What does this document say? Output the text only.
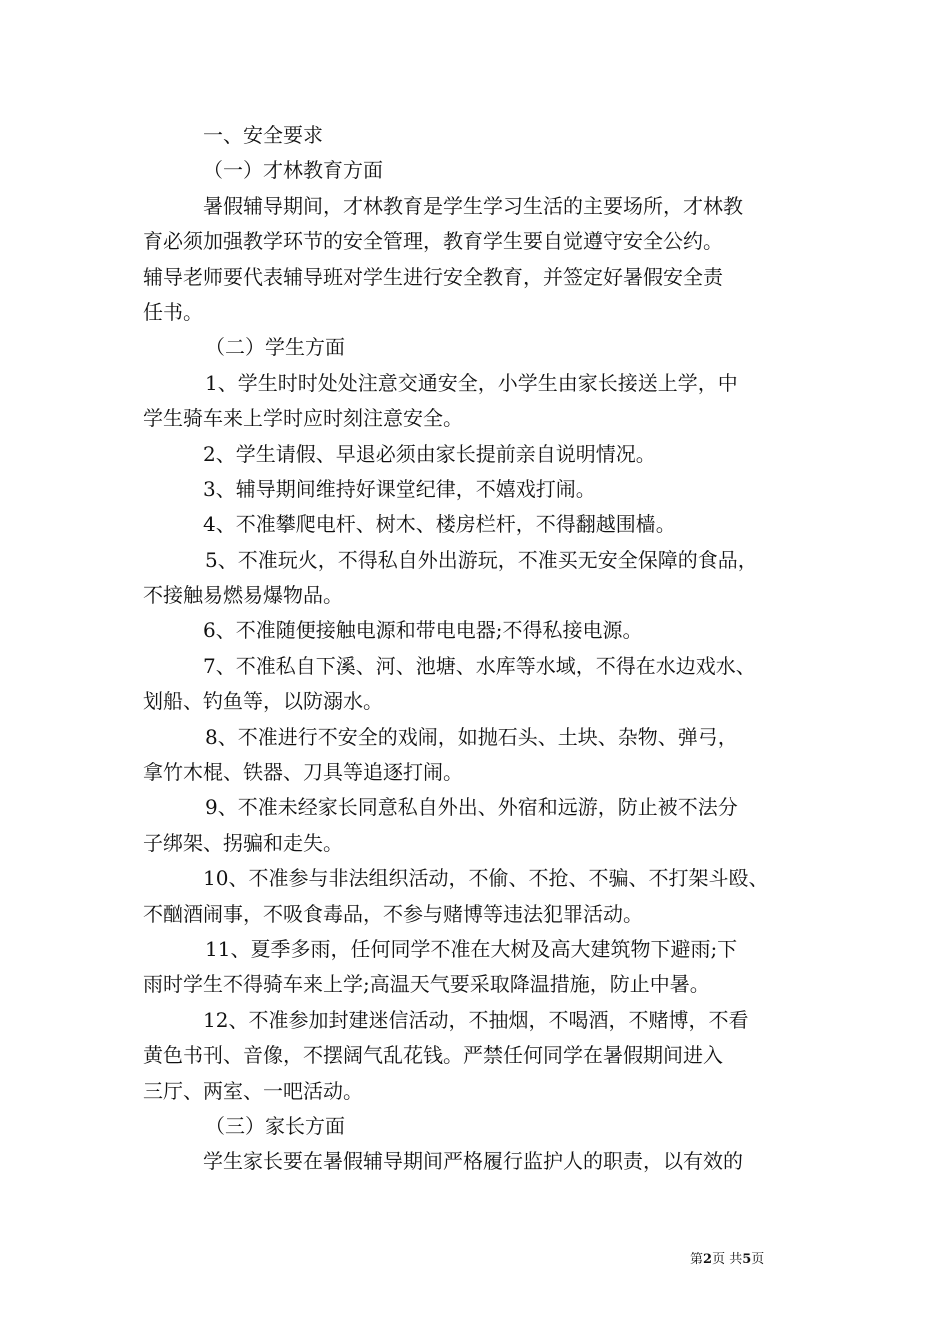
一、安全要求
（一）才林教育方面
暑假辅导期间，才林教育是学生学习生活的主要场所，才林教
育必须加强教学环节的安全管理，教育学生要自觉遵守安全公约。
辅导老师要代表辅导班对学生进行安全教育，并签定好暑假安全责
任书。
（二）学生方面
1、学生时时处处注意交通安全，小学生由家长接送上学，中
学生骑车来上学时应时刻注意安全。
2、学生请假、早退必须由家长提前亲自说明情况。
3、辅导期间维持好课堂纪律，不嬉戏打闹。
4、不准攀爬电杆、树木、楼房栏杆，不得翻越围樯。
5、不准玩火，不得私自外出游玩，不准买无安全保障的食品，
不接触易燃易爆物品。
6、不准随便接触电源和带电电器;不得私接电源。
7、不准私自下溪、河、池塘、水库等水域，不得在水边戏水、
划船、钓鱼等，以防溺水。
8、不准进行不安全的戏闹，如抛石头、土块、杂物、弹弓，
拿竹木棍、铁器、刀具等追逐打闹。
9、不准未经家长同意私自外出、外宿和远游，防止被不法分
子绑架、拐骗和走失。
10、不准参与非法组织活动，不偷、不抢、不骗、不打架斗殴、
不酗酒闹事，不吸食毒品，不参与赌博等违法犯罪活动。
11、夏季多雨，任何同学不准在大树及高大建筑物下避雨;下
雨时学生不得骑车来上学;高温天气要采取降温措施，防止中暑。
12、不准参加封建迷信活动，不抽烟，不喝酒，不赌博，不看
黄色书刊、音像，不摆阔气乱花钱。严禁任何同学在暑假期间进入
三厅、两室、一吧活动。
（三）家长方面
学生家长要在暑假辅导期间严格履行监护人的职责，以有效的
第2页 共5页
